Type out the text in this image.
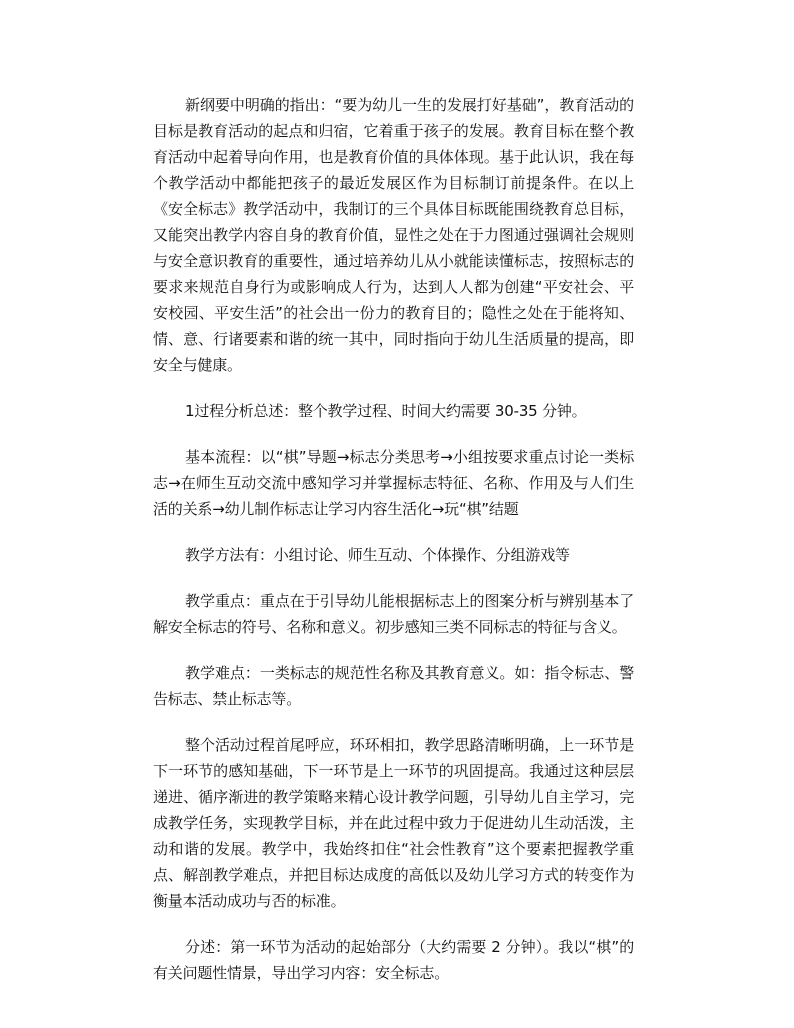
新纲要中明确的指出：“要为幼儿一生的发展打好基础”，教育活动的目标是教育活动的起点和归宿，它着重于孩子的发展。教育目标在整个教育活动中起着导向作用，也是教育价值的具体体现。基于此认识，我在每个教学活动中都能把孩子的最近发展区作为目标制订前提条件。在以上《安全标志》教学活动中，我制订的三个具体目标既能围绕教育总目标，又能突出教学内容自身的教育价值，显性之处在于力图通过强调社会规则与安全意识教育的重要性，通过培养幼儿从小就能读懂标志，按照标志的要求来规范自身行为或影响成人行为，达到人人都为创建“平安社会、平安校园、平安生活”的社会出一份力的教育目的；隐性之处在于能将知、情、意、行诸要素和谐的统一其中，同时指向于幼儿生活质量的提高，即安全与健康。

1过程分析总述：整个教学过程、时间大约需要 30-35 分钟。

基本流程：以“棋”导题→标志分类思考→小组按要求重点讨论一类标志→在师生互动交流中感知学习并掌握标志特征、名称、作用及与人们生活的关系→幼儿制作标志让学习内容生活化→玩“棋”结题

教学方法有：小组讨论、师生互动、个体操作、分组游戏等

教学重点：重点在于引导幼儿能根据标志上的图案分析与辨别基本了解安全标志的符号、名称和意义。初步感知三类不同标志的特征与含义。

教学难点：一类标志的规范性名称及其教育意义。如：指令标志、警告标志、禁止标志等。

整个活动过程首尾呼应，环环相扣，教学思路清晰明确，上一环节是下一环节的感知基础，下一环节是上一环节的巩固提高。我通过这种层层递进、循序渐进的教学策略来精心设计教学问题，引导幼儿自主学习，完成教学任务，实现教学目标，并在此过程中致力于促进幼儿生动活泼，主动和谐的发展。教学中，我始终扣住“社会性教育”这个要素把握教学重点、解剖教学难点，并把目标达成度的高低以及幼儿学习方式的转变作为衡量本活动成功与否的标准。

分述：第一环节为活动的起始部分（大约需要 2 分钟）。我以“棋”的有关问题性情景，导出学习内容：安全标志。
